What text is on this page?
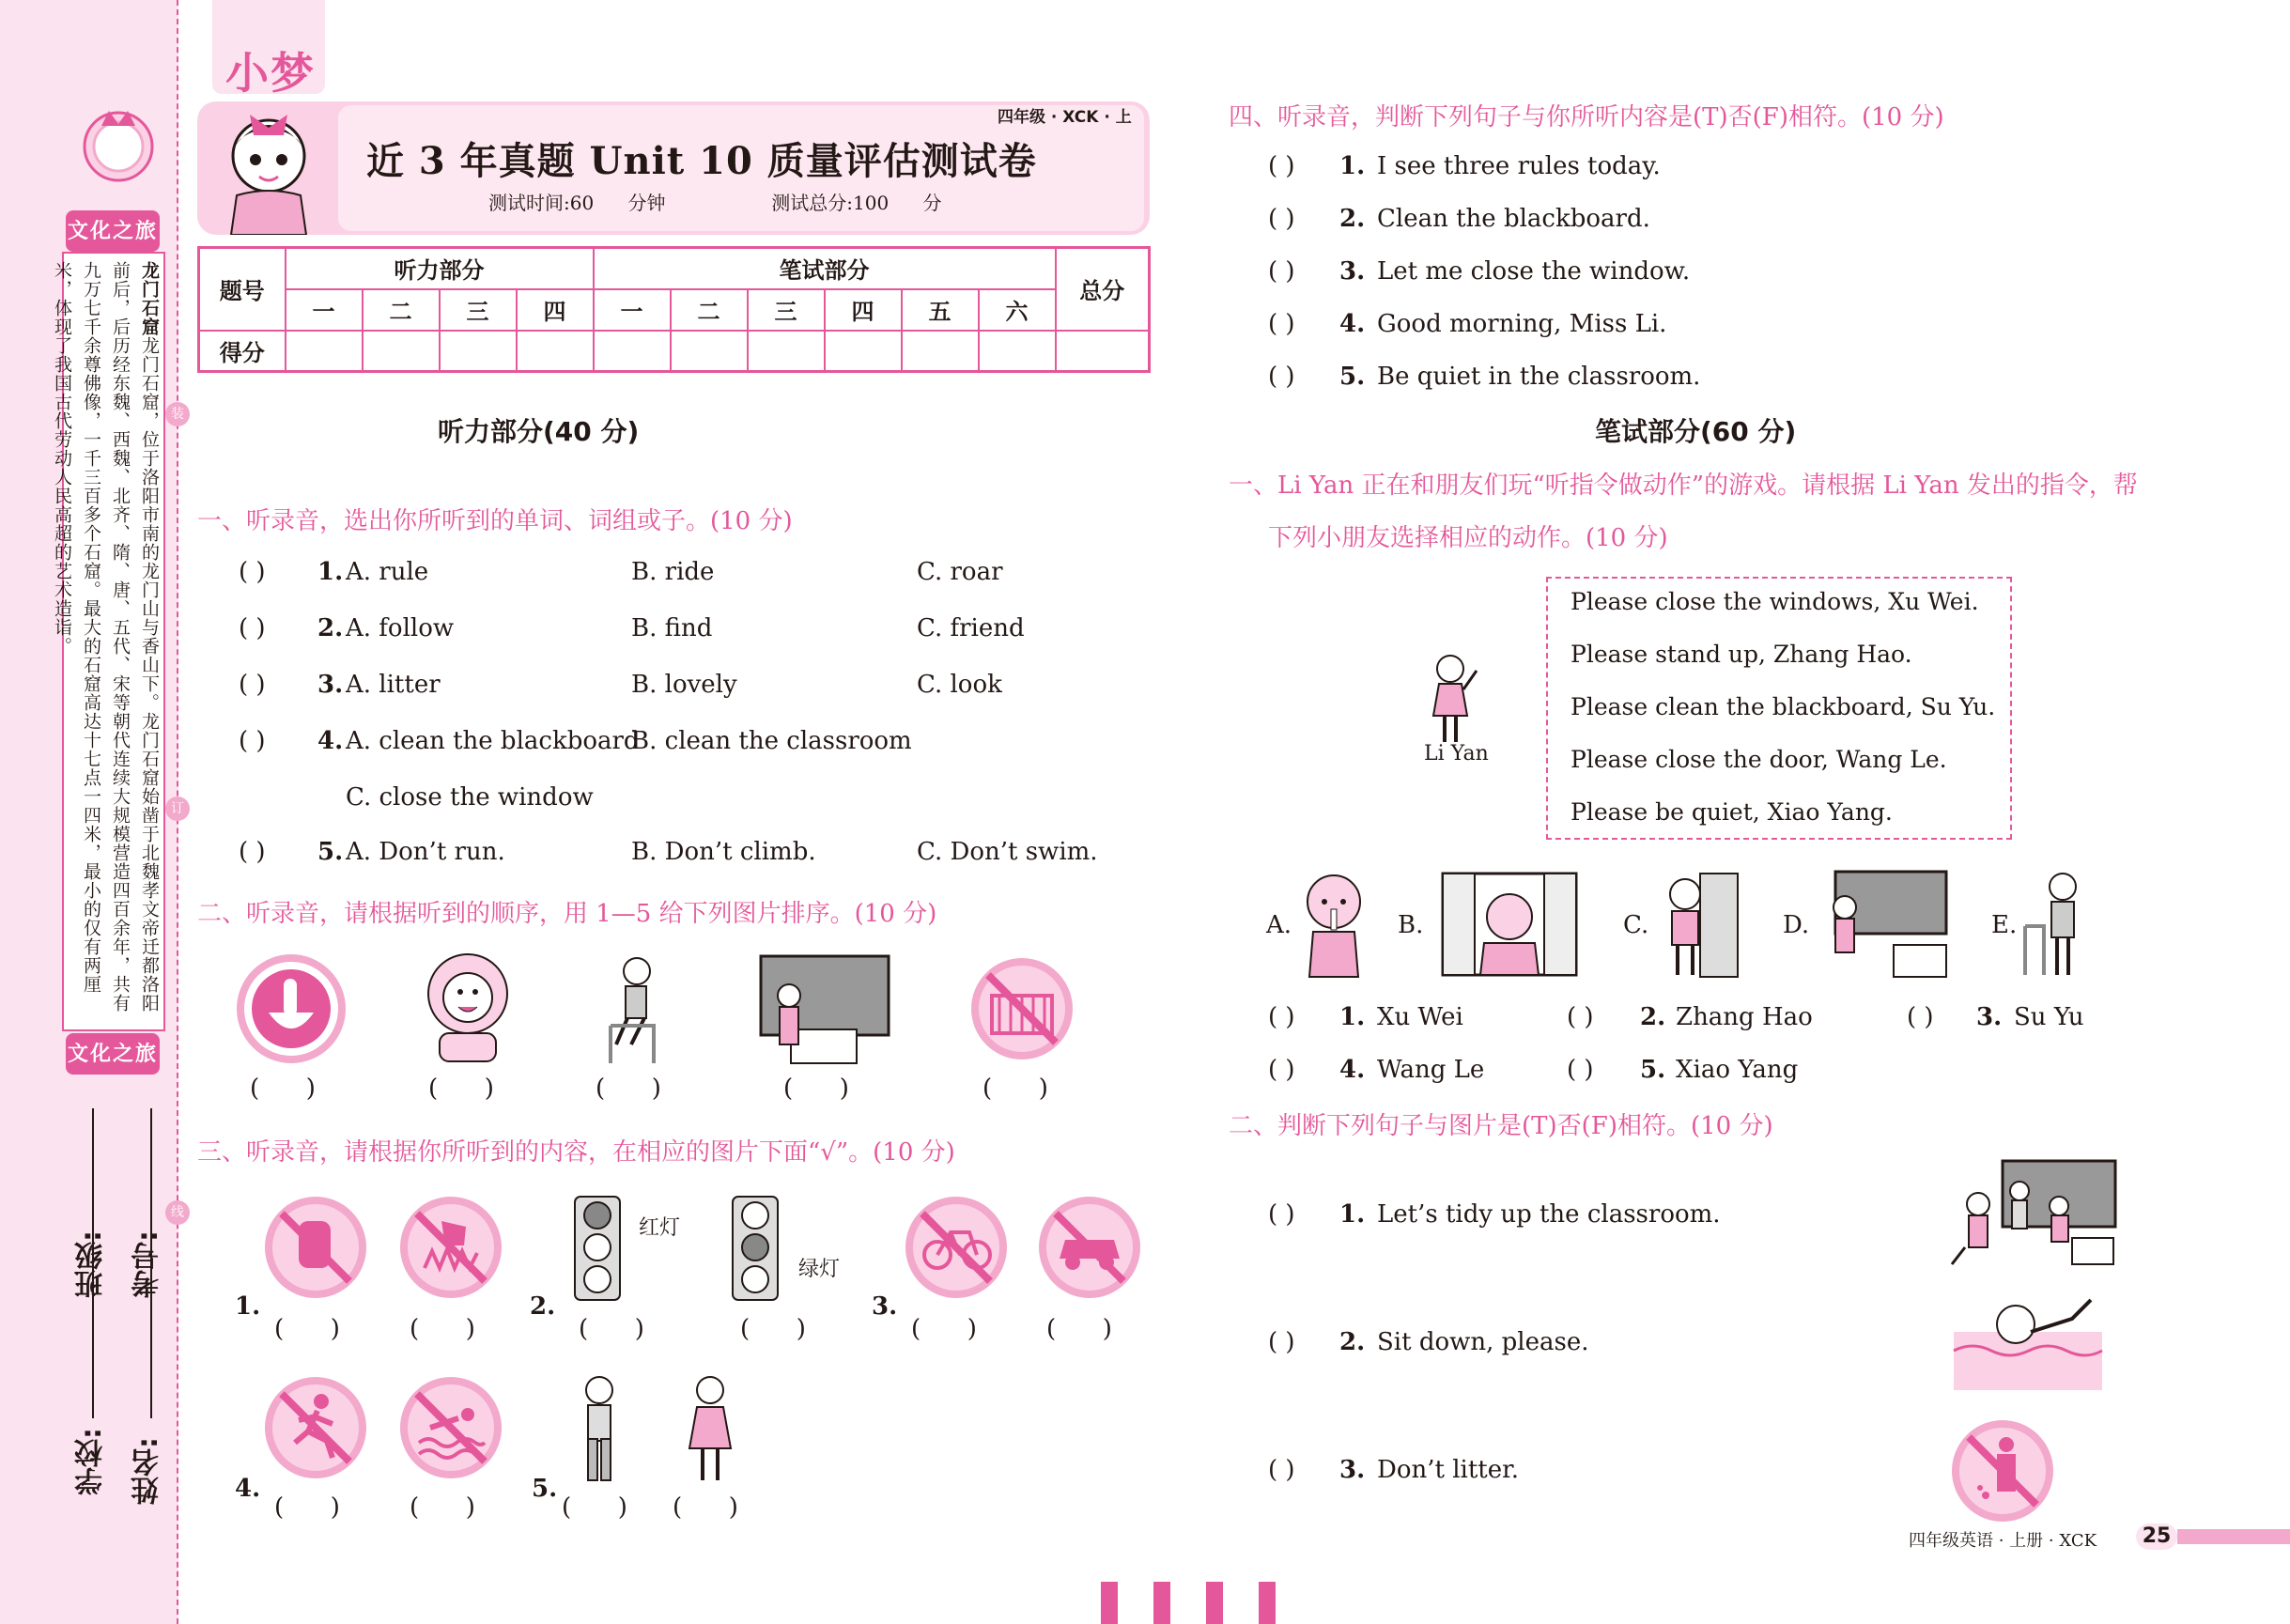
文化之旅
龙门石窟龙门石窟，位于洛阳市南的龙门山与香山下。龙门石窟始凿于北魏孝文帝迁都洛阳前后，后历经东魏、西魏、北齐、隋、唐、五代、宋等朝代连续大规模营造四百余年，共有九万七千余尊佛像，一千三百多个石窟。最大的石窟高达十七点一四米，最小的仅有两厘米，体现了我国古代劳动人民高超的艺术造诣。
文化之旅
装
订
线
学校:
班级:
姓名:
考号:
小梦
四年级 · XCK · 上
近 3 年真题 Unit 10 质量评估测试卷
测试时间:60 分钟	测试总分:100 分
题号	听力部分				笔试部分						总分
	一	二	三	四	一	二	三	四	五	六	
得分											
听力部分(40 分)
一、听录音，选出你所听到的单词、词组或子。(10 分)
( ) 1. A. rule	B. ride	C. roar
( ) 2. A. follow	B. find	C. friend
( ) 3. A. litter	B. lovely	C. look
( ) 4. A. clean the blackboard
B. clean the classroom
C. close the window
( ) 5. A. Don’t run.	B. Don’t climb.	C. Don’t swim.
二、听录音，请根据听到的顺序，用 1—5 给下列图片排序。(10 分)
(      )	(      )	(      )	(      )	(      )
三、听录音，请根据你所听到的内容，在相应的图片下面“√”。(10 分)
1.
(      )	(      )
红灯
绿灯
2.
(      )	(      )
3.
(      )	(      )
4.
(      )	(      )
5.
(      ) (      )
四、听录音，判断下列句子与你所听内容是(T)否(F)相符。(10 分)
( ) 1. I see three rules today.
( ) 2. Clean the blackboard.
( ) 3. Let me close the window.
( ) 4. Good morning, Miss Li.
( ) 5. Be quiet in the classroom.
笔试部分(60 分)
一、Li Yan 正在和朋友们玩“听指令做动作”的游戏。请根据 Li Yan 发出的指令，帮
下列小朋友选择相应的动作。(10 分)
Li Yan
Please close the windows, Xu Wei.
Please stand up, Zhang Hao.
Please clean the blackboard, Su Yu.
Please close the door, Wang Le.
Please be quiet, Xiao Yang.
A.	B.	C.	D.	E.
( ) 1. Xu Wei	( ) 2. Zhang Hao	( ) 3. Su Yu
( ) 4. Wang Le	( ) 5. Xiao Yang
二、判断下列句子与图片是(T)否(F)相符。(10 分)
( ) 1. Let’s tidy up the classroom.
( ) 2. Sit down, please.
( ) 3. Don’t litter.
四年级英语 · 上册 · XCK	25
